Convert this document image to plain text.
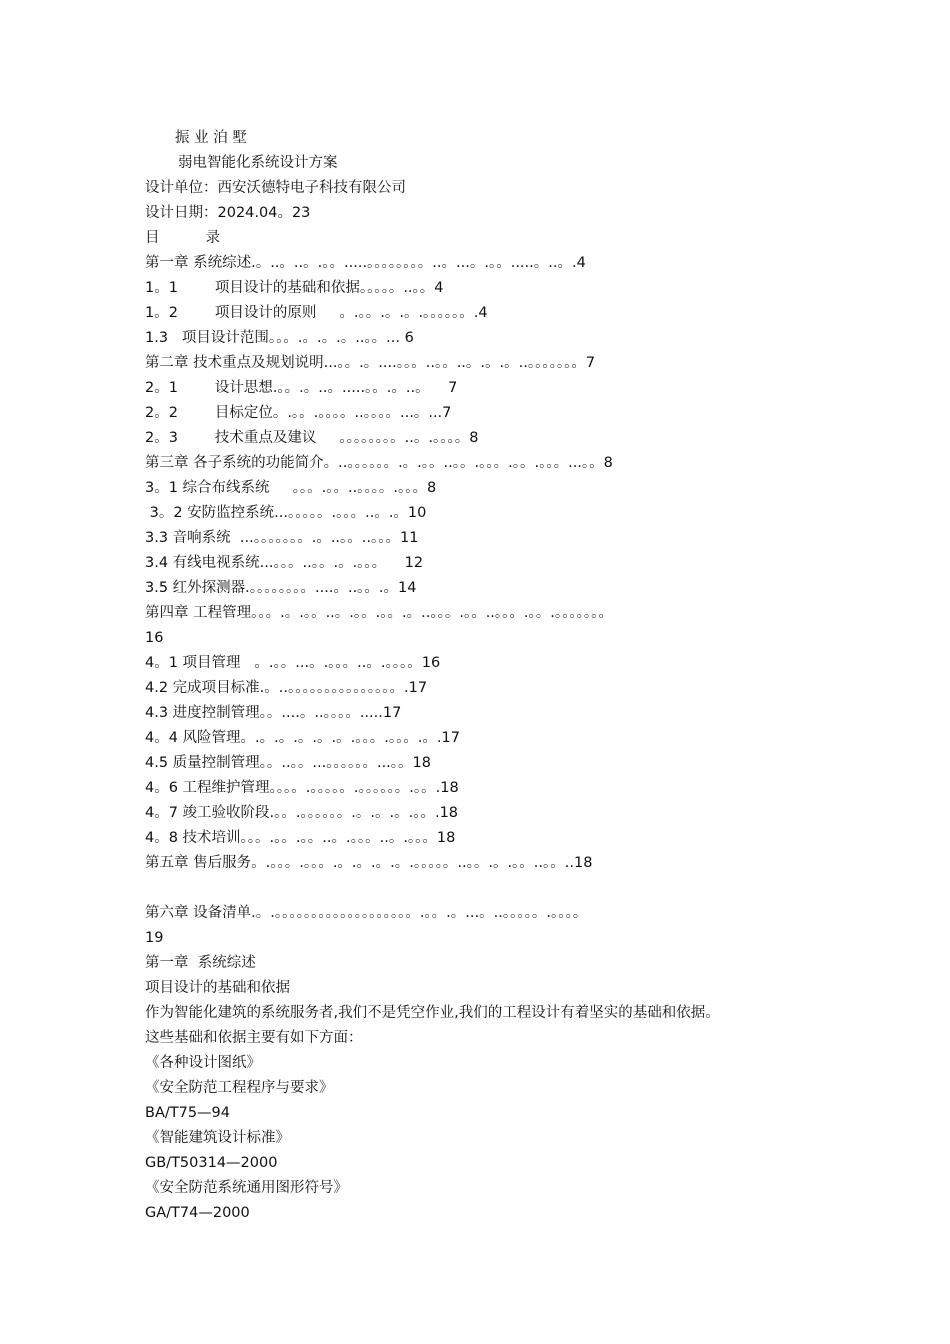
振 业 泊 墅
弱电智能化系统设计方案
设计单位：西安沃德特电子科技有限公司
设计日期：2024.04。23
目          录
第一章 系统综述.。..。..。.。。.....。。。。。。。。..。...。.。。.....。..。.4
1。1        项目设计的基础和依据。。。。。..。。4
1。2        项目设计的原则     。.。。.。.。.。。。。。。.4
1.3   项目设计范围。。。.。.。.。..。。... 6
第二章 技术重点及规划说明...。。.。....。。。..。。..。.。.。..。。。。。。。7
2。1        设计思想.。。.。..。.....。。.。..。    7
2。2        目标定位。.。。.。。。。..。。。。...。...7
2。3        技术重点及建议     。。。。。。。。..。.。。。。8
第三章 各子系统的功能简介。..。。。。。。.。.。。..。。.。。。.。。.。。。...。。8
3。1 综合布线系统     。。。.。。..。。。。.。。。8
3。2 安防监控系统...。。。。。.。。。..。.。10
3.3 音响系统  ...。。。。。。。.。..。。..。。。11
3.4 有线电视系统...。。。..。。.。.。。。    12
3.5 红外探测器.。。。。。。。。....。..。。.。14
第四章 工程管理。。。.。.。。..。.。。.。。.。..。。。.。。..。。。.。。.。。。。。。。
16
4。1 项目管理   。.。。...。.。。。..。.。。。。16
4.2 完成项目标准.。..。。。。。。。。。。。。。。。.17
4.3 进度控制管理。。....。..。。。。.....17
4。4 风险管理。.。.。.。.。.。.。。。.。。。.。.17
4.5 质量控制管理。。..。。...。。。。。。...。。18
4。6 工程维护管理。。。。.。。。。。.。。。。。。.。。.18
4。7 竣工验收阶段.。。.。。。。。。.。.。.。.。。.18
4。8 技术培训。。。.。。.。。..。.。。。..。.。。。18
第五章 售后服务。.。。。.。。。.。.。.。.。.。。。。。..。。.。.。。..。。..18
第六章 设备清单.。.。。。。。。。。。。。。。。。。。。。.。。.。...。..。。。。。.。。。。
19
第一章  系统综述
项目设计的基础和依据
作为智能化建筑的系统服务者,我们不是凭空作业,我们的工程设计有着坚实的基础和依据。
这些基础和依据主要有如下方面：
《各种设计图纸》
《安全防范工程程序与要求》
BA/T75—94
《智能建筑设计标准》
GB/T50314—2000
《安全防范系统通用图形符号》
GA/T74—2000
